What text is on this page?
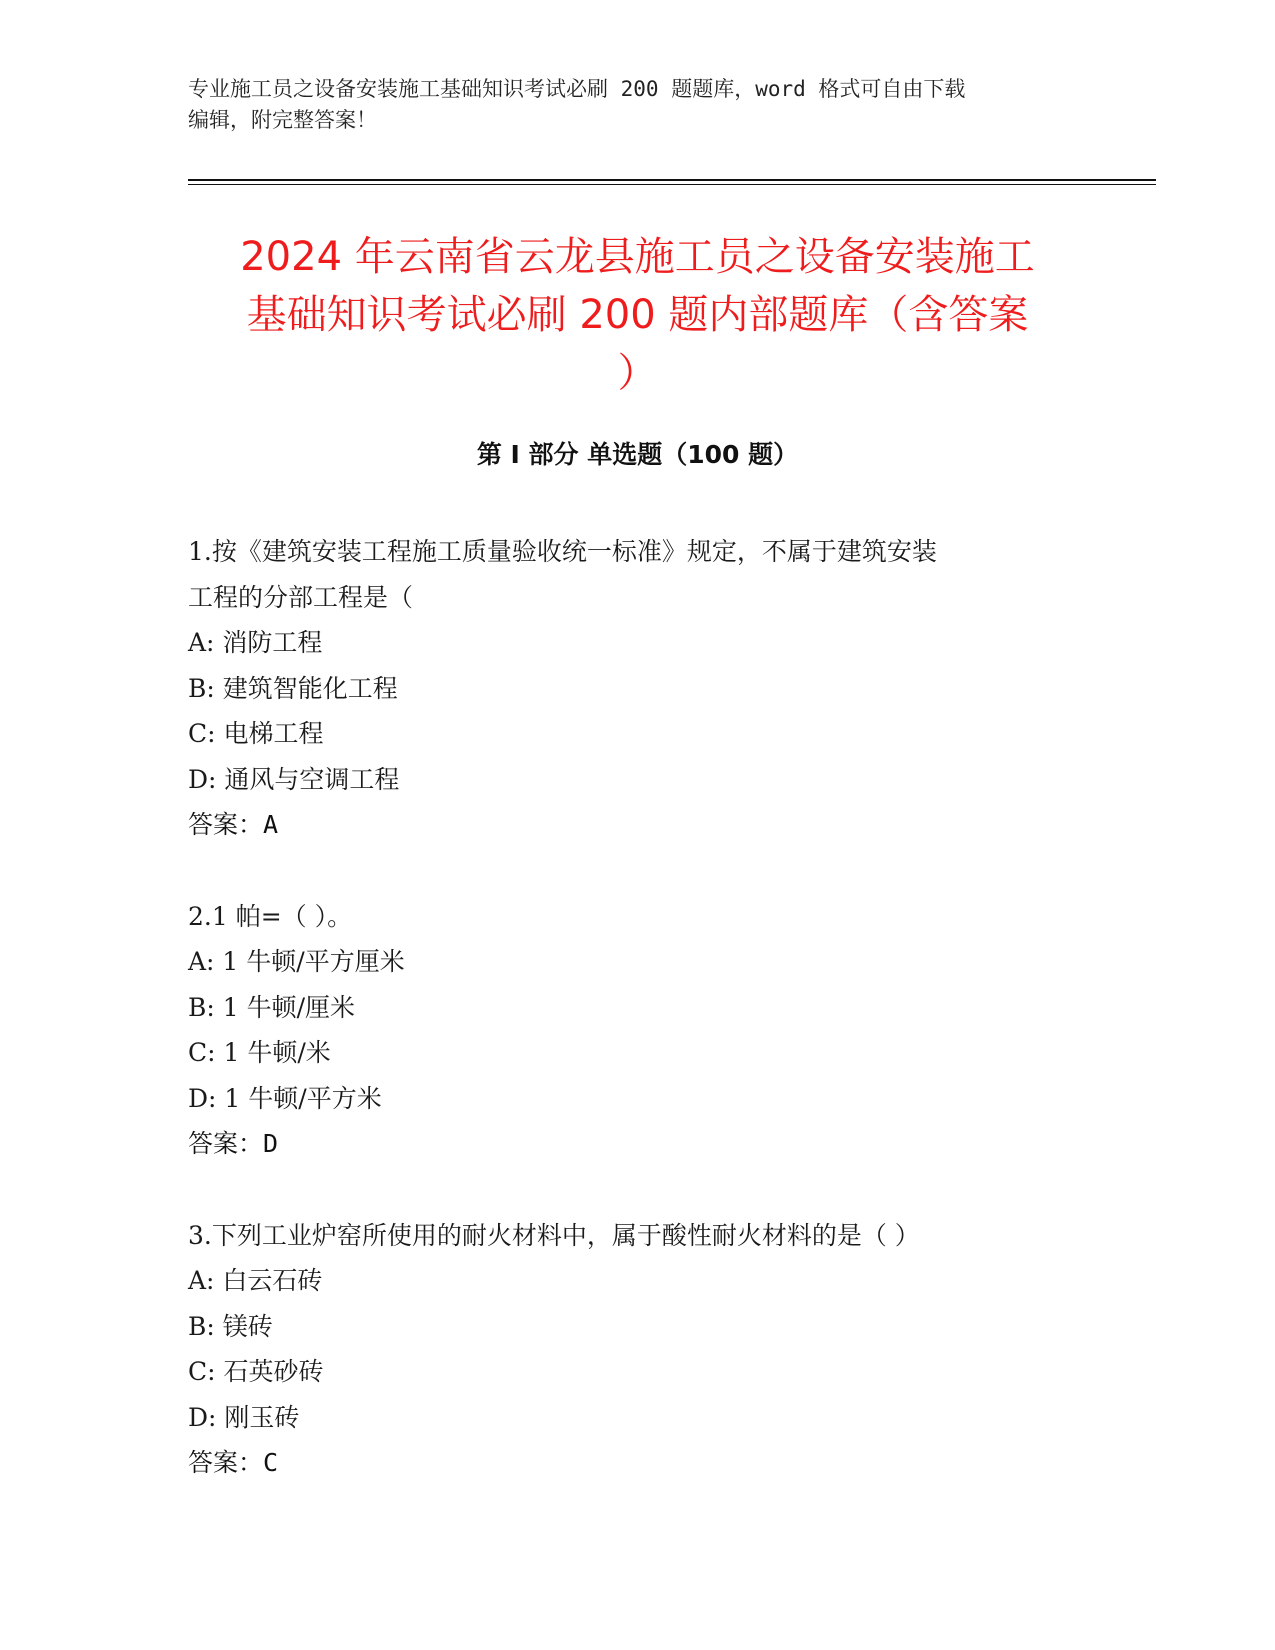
专业施工员之设备安装施工基础知识考试必刷 200 题题库，word 格式可自由下载
编辑，附完整答案！
2024 年云南省云龙县施工员之设备安装施工
基础知识考试必刷 200 题内部题库（含答案
）
第 I 部分 单选题（100 题）
1.按《建筑安装工程施工质量验收统一标准》规定，不属于建筑安装
工程的分部工程是（
A: 消防工程
B: 建筑智能化工程
C: 电梯工程
D: 通风与空调工程
答案：A
2.1 帕=（ ）。
A: 1 牛顿/平方厘米
B: 1 牛顿/厘米
C: 1 牛顿/米
D: 1 牛顿/平方米
答案：D
3.下列工业炉窑所使用的耐火材料中，属于酸性耐火材料的是（ ）
A: 白云石砖
B: 镁砖
C: 石英砂砖
D: 刚玉砖
答案：C
